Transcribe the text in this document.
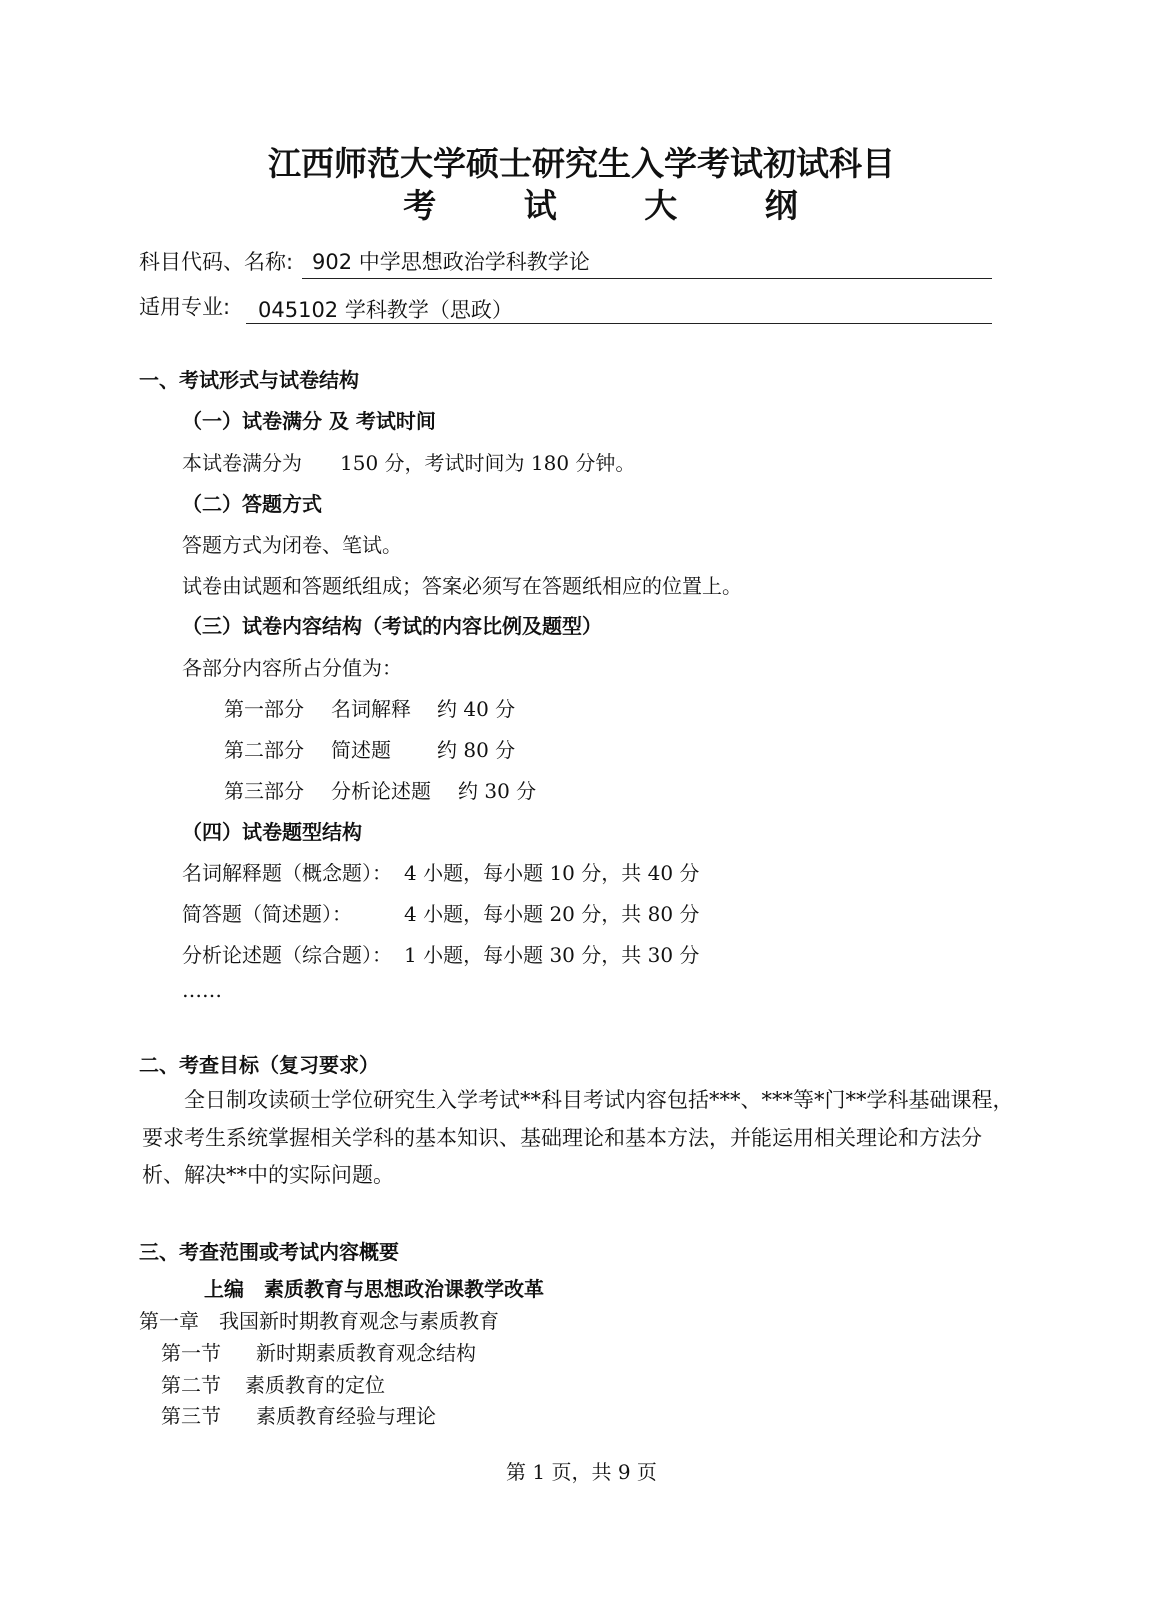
江西师范大学硕士研究生入学考试初试科目
考 试 大 纲
科目代码、名称: 902 中学思想政治学科教学论
适用专业: 045102 学科教学（思政）
一、考试形式与试卷结构
（一）试卷满分 及 考试时间
本试卷满分为 150 分，考试时间为 180 分钟。
（二）答题方式
答题方式为闭卷、笔试。
试卷由试题和答题纸组成；答案必须写在答题纸相应的位置上。
（三）试卷内容结构（考试的内容比例及题型）
各部分内容所占分值为：
第一部分 名词解释 约 40 分
第二部分 简述题 约 80 分
第三部分 分析论述题 约 30 分
（四）试卷题型结构
名词解释题（概念题）： 4 小题，每小题 10 分，共 40 分
简答题（简述题）：	4 小题，每小题 20 分，共 80 分
分析论述题（综合题）： 1 小题，每小题 30 分，共 30 分
……
二、考查目标（复习要求）
全日制攻读硕士学位研究生入学考试**科目考试内容包括***、***等*门**学科基础课程，要求考生系统掌握相关学科的基本知识、基础理论和基本方法，并能运用相关理论和方法分析、解决**中的实际问题。
三、考查范围或考试内容概要
上编　素质教育与思想政治课教学改革
第一章　我国新时期教育观念与素质教育
第一节 新时期素质教育观念结构
第二节 素质教育的定位
第三节 素质教育经验与理论
第 1 页，共 9 页
